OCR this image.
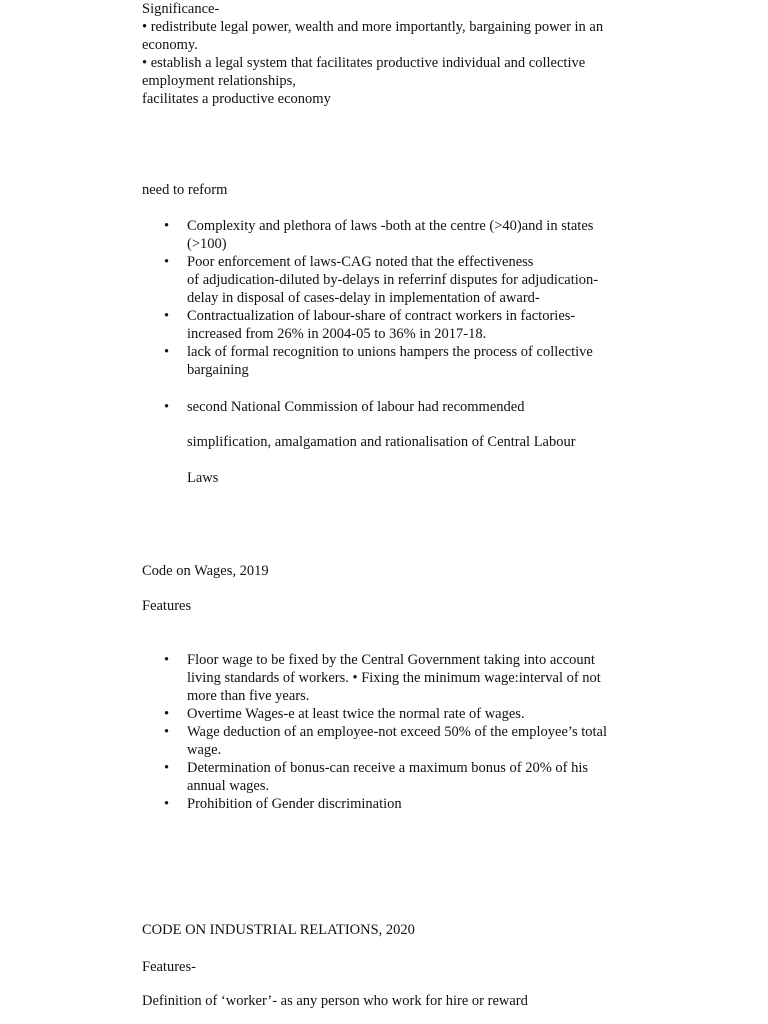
Significance-
• redistribute legal power, wealth and more importantly, bargaining power in an
economy.
• establish a legal system that facilitates productive individual and collective
employment relationships,
facilitates a productive economy
need to reform
• Complexity and plethora of laws -both at the centre (>40)and in states
(>100)
• Poor enforcement of laws-CAG noted that the effectiveness
of adjudication-diluted by-delays in referrinf disputes for adjudication-
delay in disposal of cases-delay in implementation of award-
• Contractualization of labour-share of contract workers in factories-
increased from 26% in 2004-05 to 36% in 2017-18.
• lack of formal recognition to unions hampers the process of collective
bargaining
• second National Commission of labour had recommended
simplification, amalgamation and rationalisation of Central Labour
Laws
Code on Wages, 2019
Features
• Floor wage to be fixed by the Central Government taking into account
living standards of workers. • Fixing the minimum wage:interval of not
more than five years.
• Overtime Wages-e at least twice the normal rate of wages.
• Wage deduction of an employee-not exceed 50% of the employee’s total
wage.
• Determination of bonus-can receive a maximum bonus of 20% of his
annual wages.
• Prohibition of Gender discrimination
CODE ON INDUSTRIAL RELATIONS, 2020
Features-
Definition of ‘worker’- as any person who work for hire or reward
